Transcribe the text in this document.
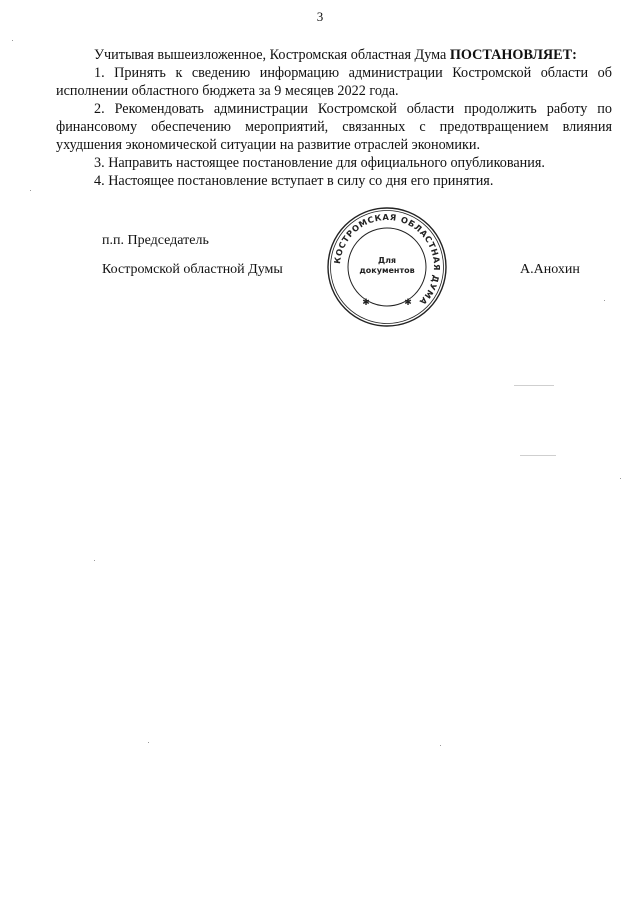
3

Учитывая вышеизложенное, Костромская областная Дума ПОСТАНОВЛЯЕТ:

1. Принять к сведению информацию администрации Костромской области об исполнении областного бюджета за 9 месяцев 2022 года.

2. Рекомендовать администрации Костромской области продолжить работу по финансовому обеспечению мероприятий, связанных с предотвращением влияния ухудшения экономической ситуации на развитие отраслей экономики.

3. Направить настоящее постановление для официального опубликования.

4. Настоящее постановление вступает в силу со дня его принятия.

п.п. Председатель
Костромской областной Думы	А.Анохин
КОСТРОМСКАЯ ОБЛАСТНАЯ ДУМА
Для
документов
✱	✱
